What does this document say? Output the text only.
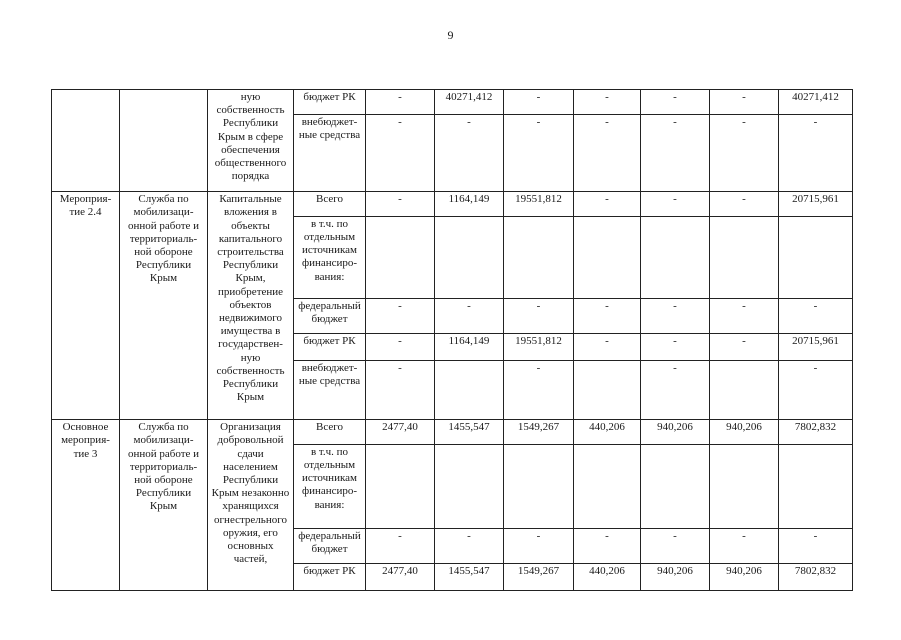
9
		ную собственность Республики Крым в сфере обеспечения общественного порядка	бюджет РК	-	40271,412	-	-	-	-	40271,412
			внебюджет-ные средства	-	-	-	-	-	-	-
Мероприя-тие 2.4	Служба по мобилизаци-онной работе и территориаль-ной обороне Республики Крым	Капитальные вложения в объекты капитального строительства Республики Крым, приобретение объектов недвижимого имущества в государствен-ную собственность Республики Крым	Всего	-	1164,149	19551,812	-	-	-	20715,961
			в т.ч. по отдельным источникам финансиро-вания:							
			федеральный бюджет	-	-	-	-	-	-	-
			бюджет РК	-	1164,149	19551,812	-	-	-	20715,961
			внебюджет-ные средства	-		-		-		-
Основное мероприя-тие 3	Служба по мобилизаци-онной работе и территориаль-ной обороне Республики Крым	Организация добровольной сдачи населением Республики Крым незаконно хранящихся огнестрельного оружия, его основных частей,	Всего	2477,40	1455,547	1549,267	440,206	940,206	940,206	7802,832
			в т.ч. по отдельным источникам финансиро-вания:							
			федеральный бюджет	-	-	-	-	-	-	-
			бюджет РК	2477,40	1455,547	1549,267	440,206	940,206	940,206	7802,832
